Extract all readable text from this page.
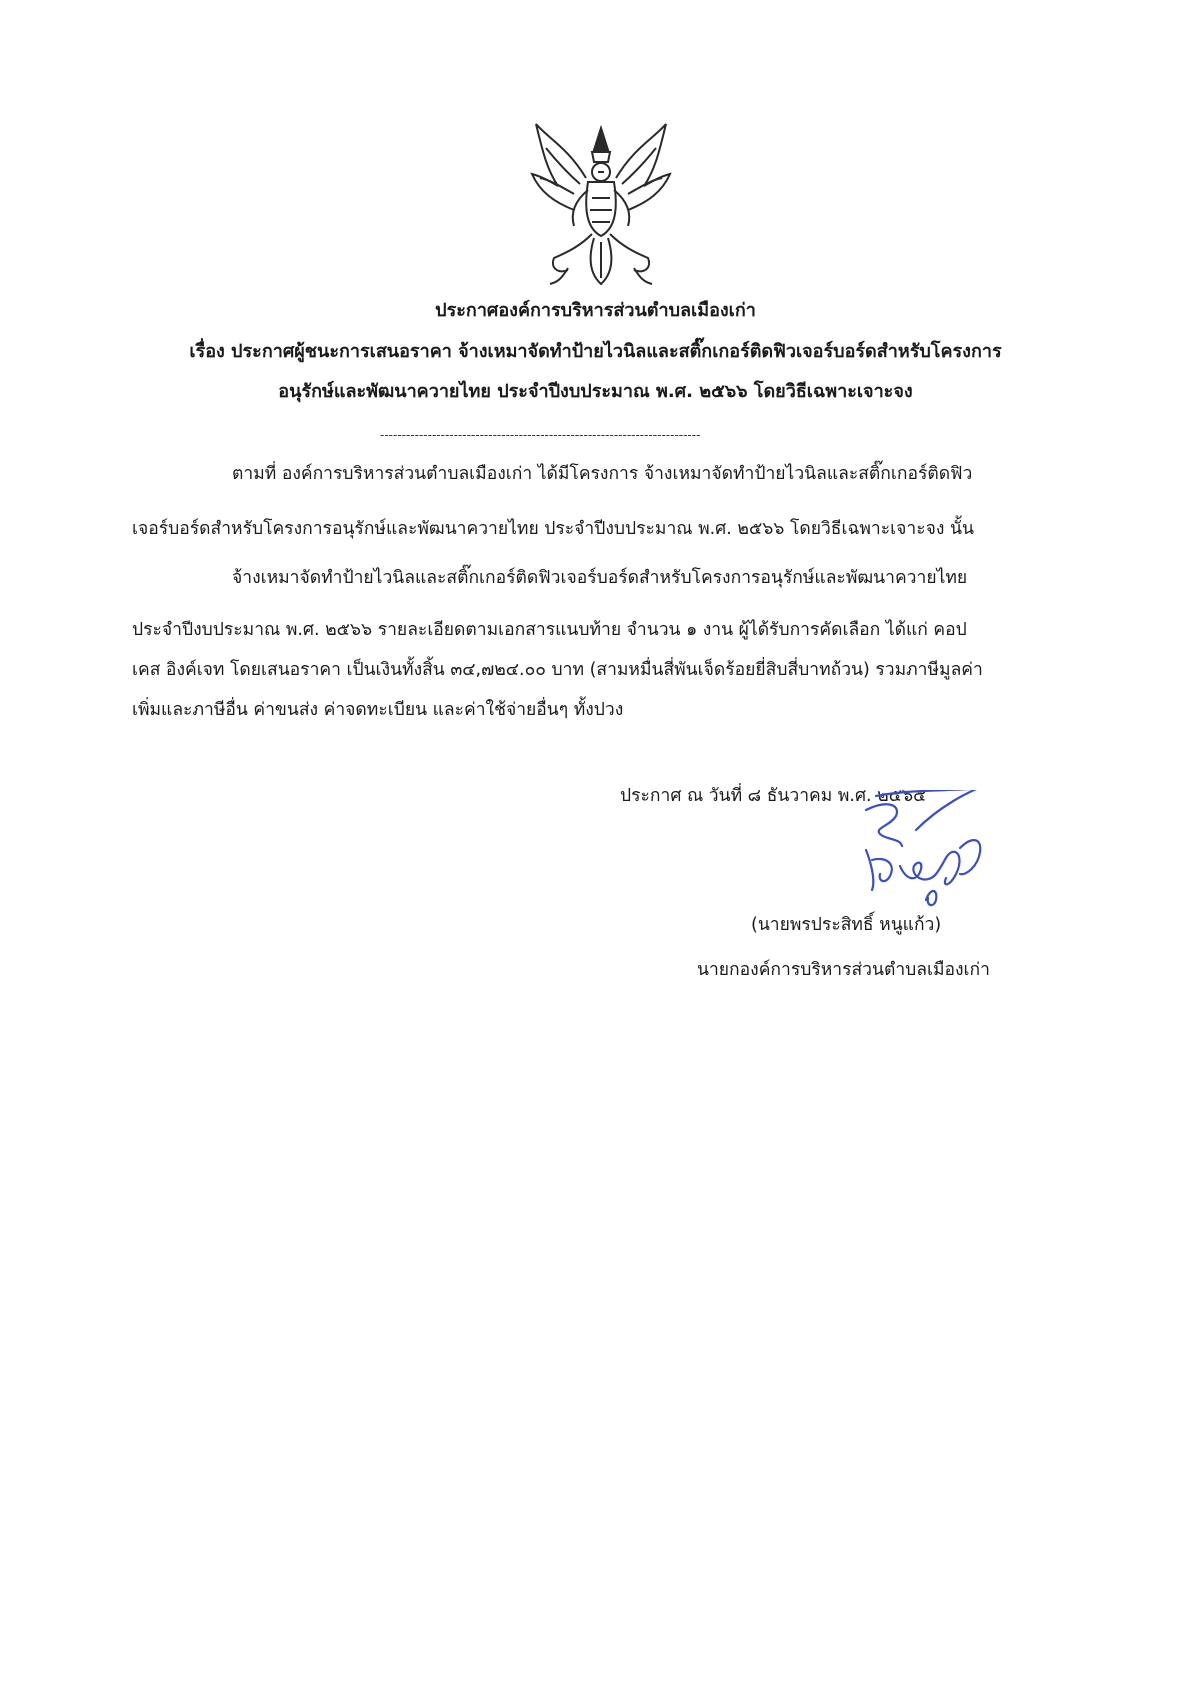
ประกาศองค์การบริหารส่วนตำบลเมืองเก่า
เรื่อง ประกาศผู้ชนะการเสนอราคา จ้างเหมาจัดทำป้ายไวนิลและสติ๊กเกอร์ติดฟิวเจอร์บอร์ดสำหรับโครงการ
อนุรักษ์และพัฒนาควายไทย ประจำปีงบประมาณ พ.ศ. ๒๕๖๖ โดยวิธีเฉพาะเจาะจง
--------------------------------------------------------------------------
ตามที่ องค์การบริหารส่วนตำบลเมืองเก่า ได้มีโครงการ จ้างเหมาจัดทำป้ายไวนิลและสติ๊กเกอร์ติดฟิว
เจอร์บอร์ดสำหรับโครงการอนุรักษ์และพัฒนาควายไทย ประจำปีงบประมาณ พ.ศ. ๒๕๖๖ โดยวิธีเฉพาะเจาะจง นั้น
จ้างเหมาจัดทำป้ายไวนิลและสติ๊กเกอร์ติดฟิวเจอร์บอร์ดสำหรับโครงการอนุรักษ์และพัฒนาควายไทย
ประจำปีงบประมาณ พ.ศ. ๒๕๖๖ รายละเอียดตามเอกสารแนบท้าย จำนวน ๑ งาน ผู้ได้รับการคัดเลือก ได้แก่ คอป
เคส อิงค์เจท โดยเสนอราคา เป็นเงินทั้งสิ้น ๓๔,๗๒๔.๐๐ บาท (สามหมื่นสี่พันเจ็ดร้อยยี่สิบสี่บาทถ้วน) รวมภาษีมูลค่า
เพิ่มและภาษีอื่น ค่าขนส่ง ค่าจดทะเบียน และค่าใช้จ่ายอื่นๆ ทั้งปวง
ประกาศ ณ วันที่ ๘ ธันวาคม พ.ศ. ๒๕๖๕
(นายพรประสิทธิ์ หนูแก้ว)
นายกองค์การบริหารส่วนตำบลเมืองเก่า
